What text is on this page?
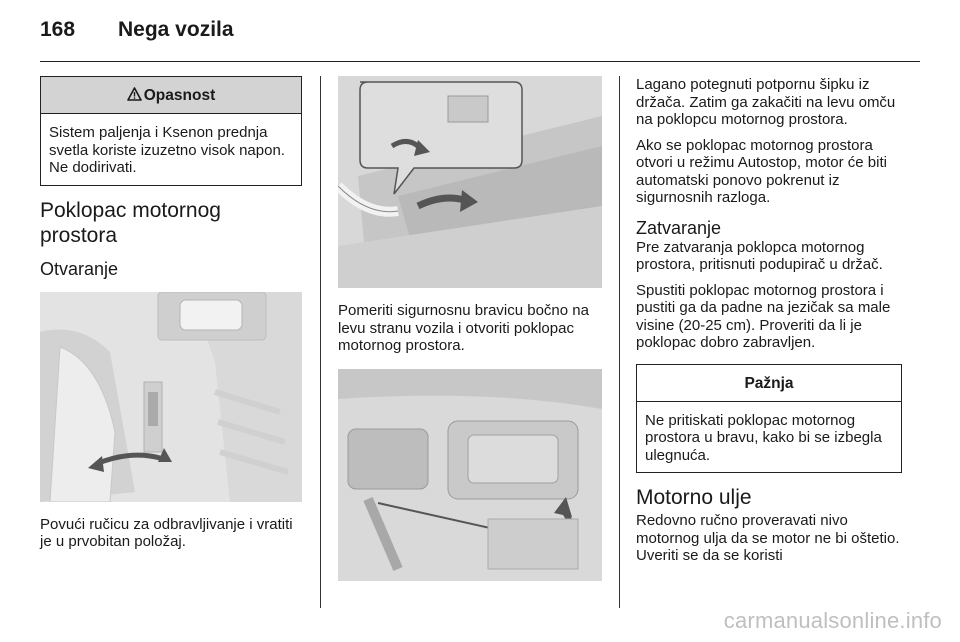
168 Nega vozila
Opasnost
Sistem paljenja i Ksenon prednja svetla koriste izuzetno visok napon. Ne dodirivati.
Poklopac motornog prostora
Otvaranje

Povući ručicu za odbravljivanje i vratiti je u prvobitan položaj.

Pomeriti sigurnosnu bravicu bočno na levu stranu vozila i otvoriti poklopac motornog prostora.

Lagano potegnuti potpornu šipku iz držača. Zatim ga zakačiti na levu omču na poklopcu motornog prostora.

Ako se poklopac motornog prostora otvori u režimu Autostop, motor će biti automatski ponovo pokrenut iz sigurnosnih razloga.

Zatvaranje

Pre zatvaranja poklopca motornog prostora, pritisnuti podupirač u držač.

Spustiti poklopac motornog prostora i pustiti ga da padne na jezičak sa male visine (20-25 cm). Proveriti da li je poklopac dobro zabravljen.

Pažnja
Ne pritiskati poklopac motornog prostora u bravu, kako bi se izbegla ulegnuća.
Motorno ulje

Redovno ručno proveravati nivo motornog ulja da se motor ne bi oštetio. Uveriti se da se koristi

carmanualsonline.info
